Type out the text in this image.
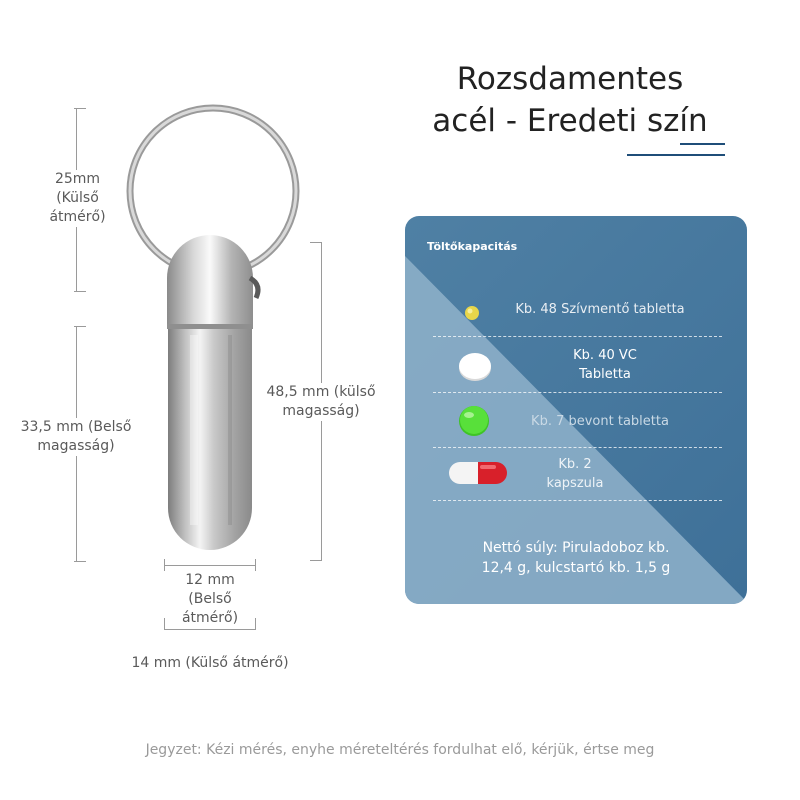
Rozsdamentes
acél - Eredeti szín
25mm
(Külső
átmérő)
33,5 mm (Belső
magasság)
48,5 mm (külső
magasság)
12 mm
(Belső
átmérő)
14 mm (Külső átmérő)
Töltőkapacitás
Kb. 48 Szívmentő tabletta
Kb. 40 VC
Tabletta
Kb. 7 bevont tabletta
Kb. 2
kapszula
Nettó súly: Piruladoboz kb.
12,4 g, kulcstartó kb. 1,5 g
Jegyzet: Kézi mérés, enyhe méreteltérés fordulhat elő, kérjük, értse meg
